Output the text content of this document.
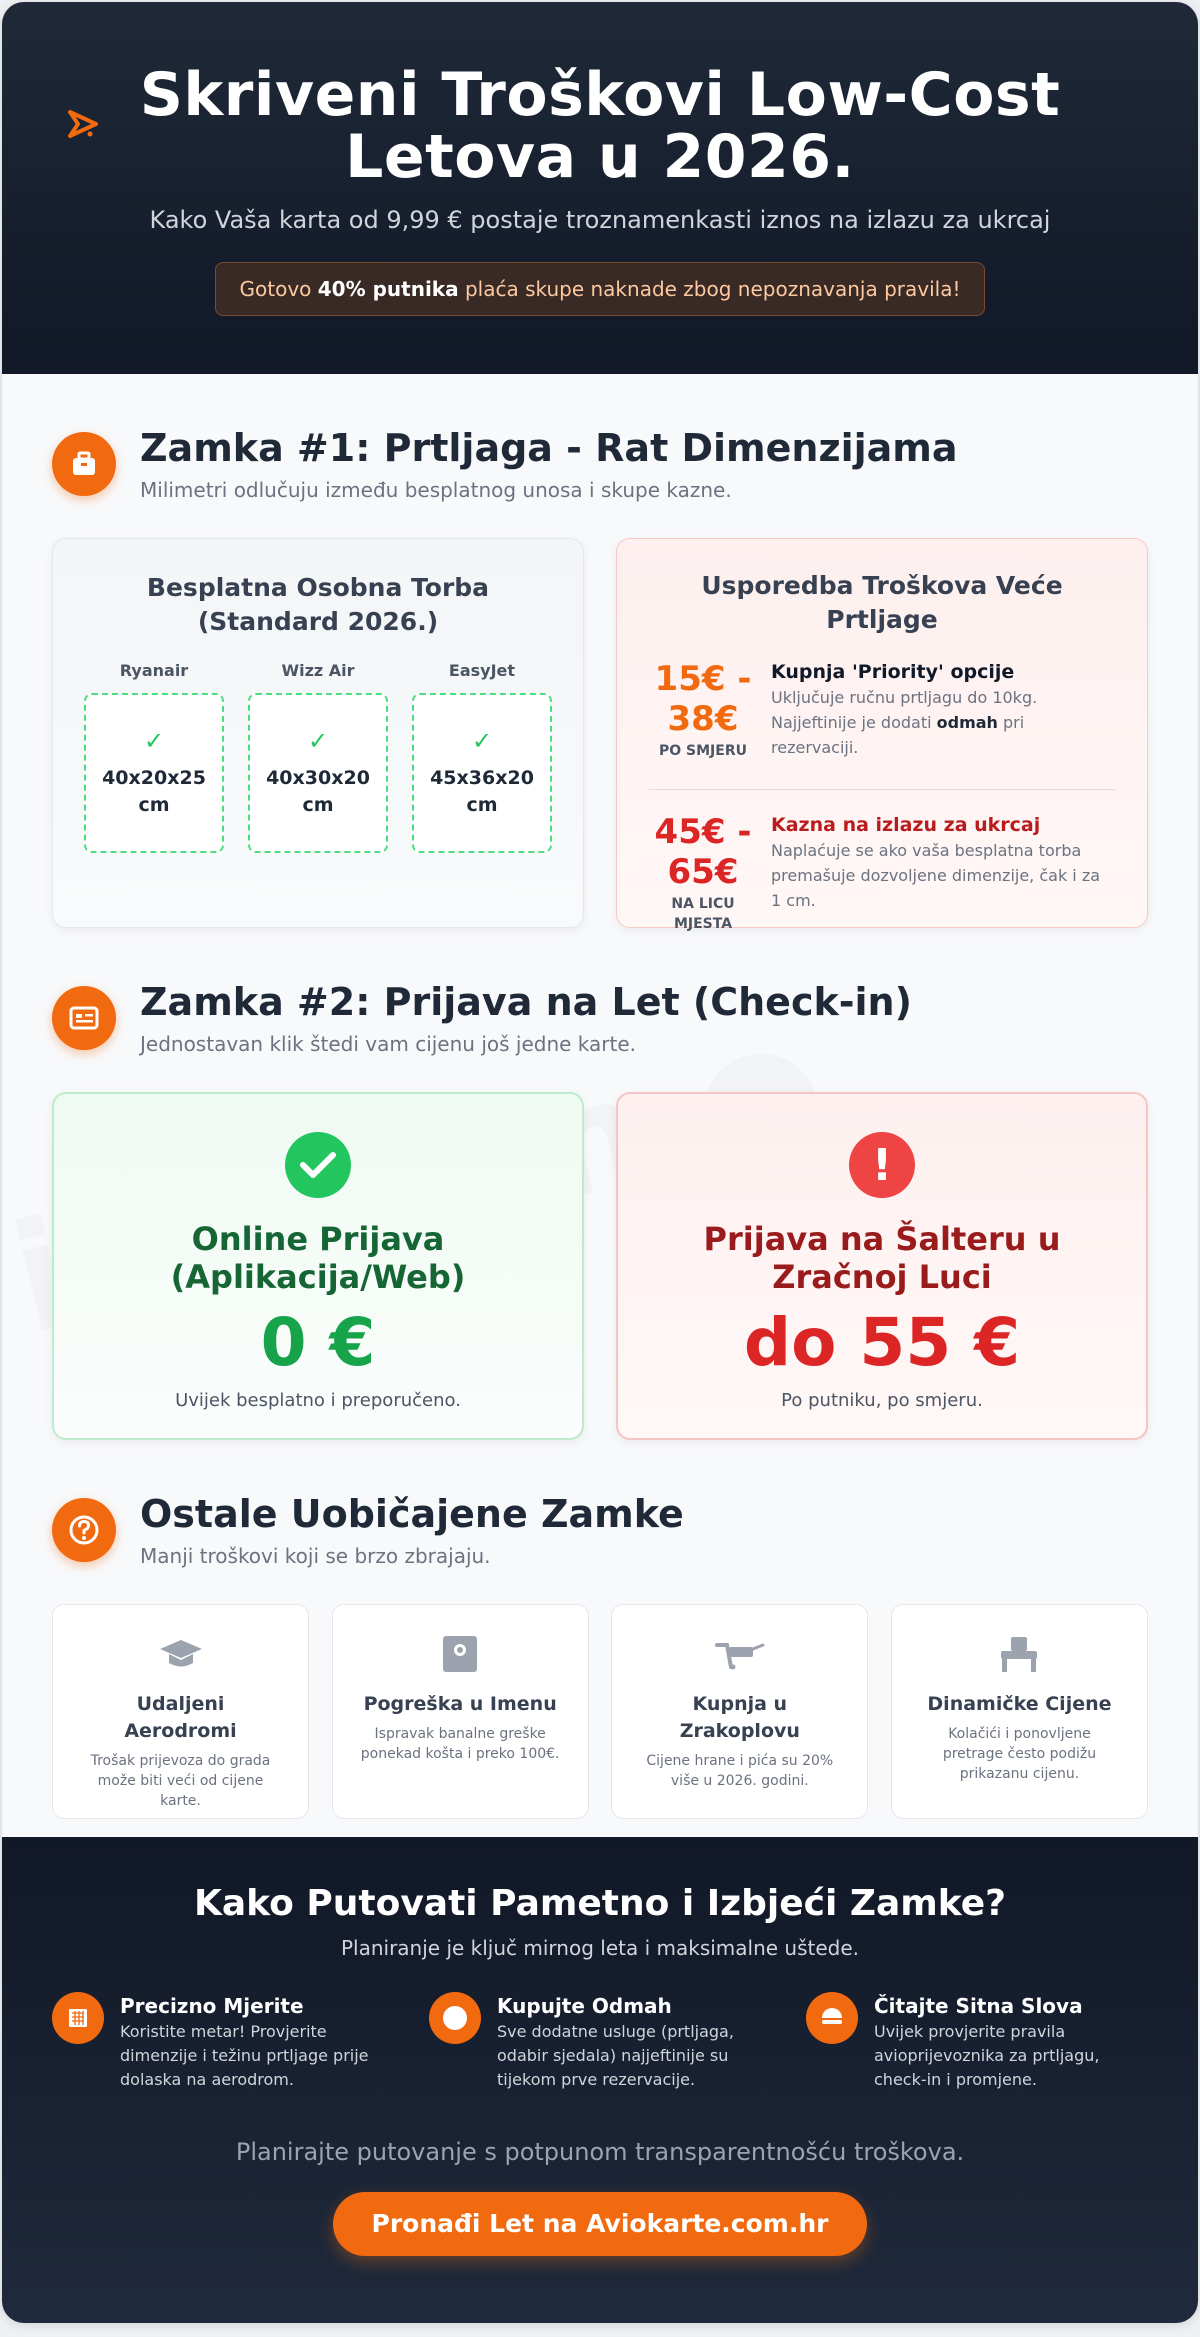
Skriveni Troškovi Low-Cost
Letova u 2026.

Kako Vaša karta od 9,99 € postaje troznamenkasti iznos na izlazu za ukrcaj

Gotovo 40% putnika plaća skupe naknade zbog nepoznavanja pravila!
Zamka #1: Prtljaga - Rat Dimenzijama

Milimetri odlučuju između besplatnog unosa i skupe kazne.

Besplatna Osobna Torba
(Standard 2026.)
Ryanair
✓
40x20x25 cm
Wizz Air
✓
40x30x20 cm
EasyJet
✓
45x36x20 cm
Usporedba Troškova Veće Prtljage
15€ -
38€
PO SMJERU
Kupnja 'Priority' opcije

Uključuje ručnu prtljagu do 10kg. Najjeftinije je dodati odmah pri rezervaciji.

45€ -
65€
NA LICU MJESTA
Kazna na izlazu za ukrcaj

Naplaćuje se ako vaša besplatna torba premašuje dozvoljene dimenzije, čak i za 1 cm.

Zamka #2: Prijava na Let (Check-in)

Jednostavan klik štedi vam cijenu još jedne karte.

Online Prijava
(Aplikacija/Web)
0 €

Uvijek besplatno i preporučeno.

!
Prijava na Šalteru u
Zračnoj Luci
do 55 €

Po putniku, po smjeru.

Ostale Uobičajene Zamke

Manji troškovi koji se brzo zbrajaju.

Udaljeni Aerodromi

Trošak prijevoza do grada može biti veći od cijene karte.

Pogreška u Imenu

Ispravak banalne greške ponekad košta i preko 100€.

Kupnja u Zrakoplovu

Cijene hrane i pića su 20% više u 2026. godini.

Dinamičke Cijene

Kolačići i ponovljene pretrage često podižu prikazanu cijenu.

Kako Putovati Pametno i Izbjeći Zamke?

Planiranje je ključ mirnog leta i maksimalne uštede.

Precizno Mjerite

Koristite metar! Provjerite dimenzije i težinu prtljage prije dolaska na aerodrom.

Kupujte Odmah

Sve dodatne usluge (prtljaga, odabir sjedala) najjeftinije su tijekom prve rezervacije.

Čitajte Sitna Slova

Uvijek provjerite pravila avioprijevoznika za prtljagu, check-in i promjene.

Planirajte putovanje s potpunom transparentnošću troškova.

Pronađi Let na Aviokarte.com.hr
